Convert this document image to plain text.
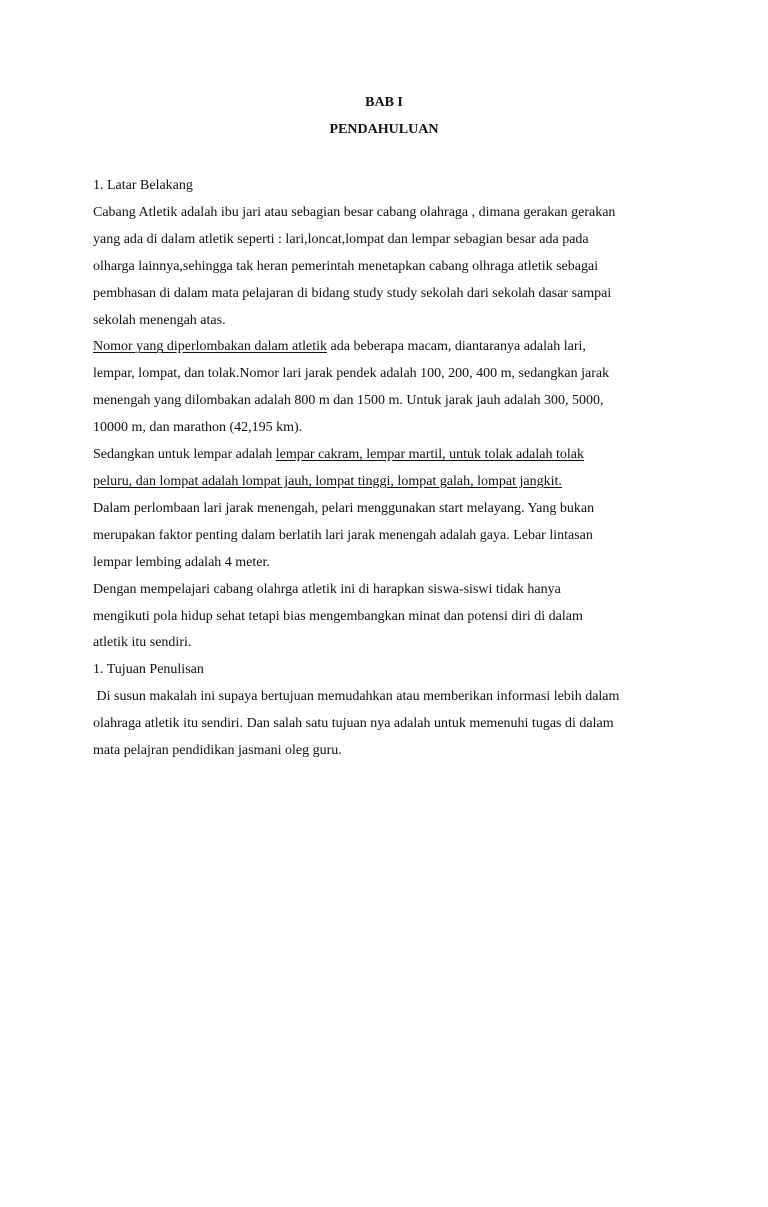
BAB I
PENDAHULUAN
1. Latar Belakang
Cabang Atletik adalah ibu jari atau sebagian besar cabang olahraga , dimana gerakan gerakan
yang ada di dalam atletik seperti : lari,loncat,lompat dan lempar sebagian besar ada pada
olharga lainnya,sehingga tak heran pemerintah menetapkan cabang olhraga atletik sebagai
pembhasan di dalam mata pelajaran di bidang study study sekolah dari sekolah dasar sampai
sekolah menengah atas.
Nomor yang diperlombakan dalam atletik ada beberapa macam, diantaranya adalah lari,
lempar, lompat, dan tolak.Nomor lari jarak pendek adalah 100, 200, 400 m, sedangkan jarak
menengah yang dilombakan adalah 800 m dan 1500 m. Untuk jarak jauh adalah 300, 5000,
10000 m, dan marathon (42,195 km).
Sedangkan untuk lempar adalah lempar cakram, lempar martil, untuk tolak adalah tolak
peluru, dan lompat adalah lompat jauh, lompat tinggi, lompat galah, lompat jangkit.
Dalam perlombaan lari jarak menengah, pelari menggunakan start melayang. Yang bukan
merupakan faktor penting dalam berlatih lari jarak menengah adalah gaya. Lebar lintasan
lempar lembing adalah 4 meter.
Dengan mempelajari cabang olahrga atletik ini di harapkan siswa-siswi tidak hanya
mengikuti pola hidup sehat tetapi bias mengembangkan minat dan potensi diri di dalam
atletik itu sendiri.
1. Tujuan Penulisan
Di susun makalah ini supaya bertujuan memudahkan atau memberikan informasi lebih dalam
olahraga atletik itu sendiri. Dan salah satu tujuan nya adalah untuk memenuhi tugas di dalam
mata pelajran pendidikan jasmani oleg guru.
